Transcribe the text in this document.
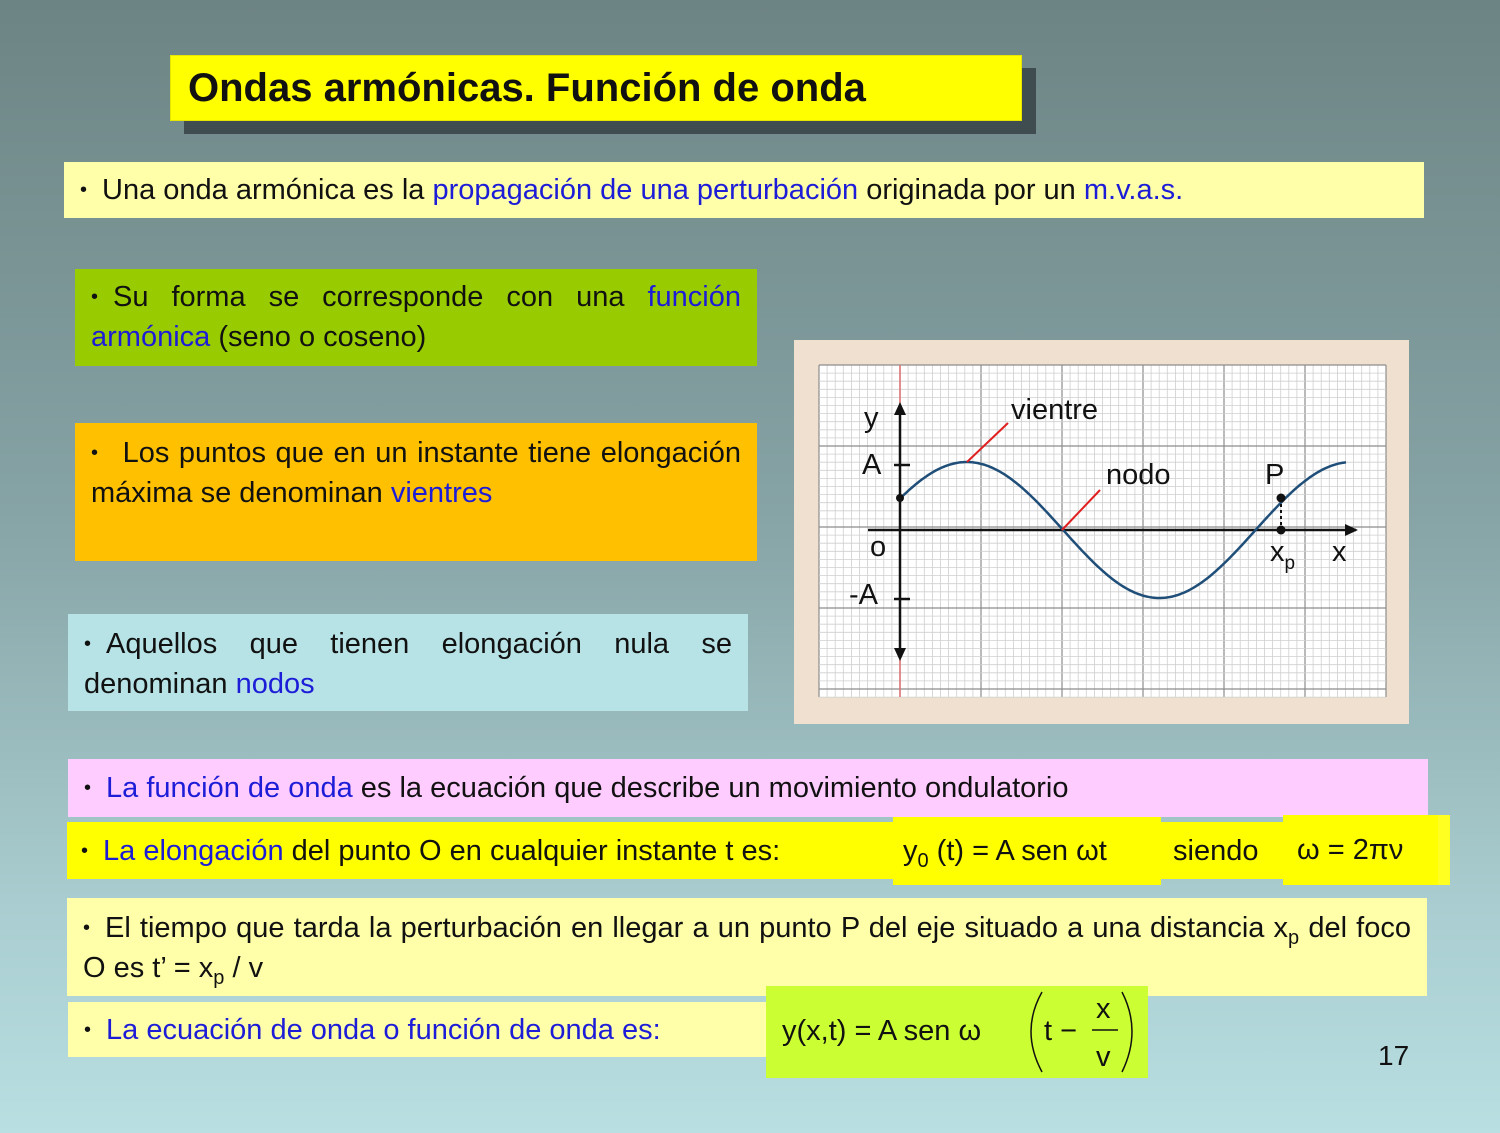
Ondas armónicas. Función de onda
• Una onda armónica es la propagación de una perturbación originada por un m.v.a.s.
• Su forma se corresponde con una función armónica (seno o coseno)
• Los puntos que en un instante tiene elongación máxima se denominan vientres
• Aquellos que tienen elongación nula se denominan nodos
y
A
o
-A
vientre
nodo	P
$x_p$ x
• La función de onda es la ecuación que describe un movimiento ondulatorio
• La elongación del punto O en cualquier instante t es:	$y_0$ (t) = A sen ωt	siendo	ω = 2πν
• El tiempo que tarda la perturbación en llegar a un punto P del eje situado a una distancia $x_p$ del foco O es t’ = $x_p$ / v
• La ecuación de onda o función de onda es:	y(x,t) = A sen ω t −
x
v	17
